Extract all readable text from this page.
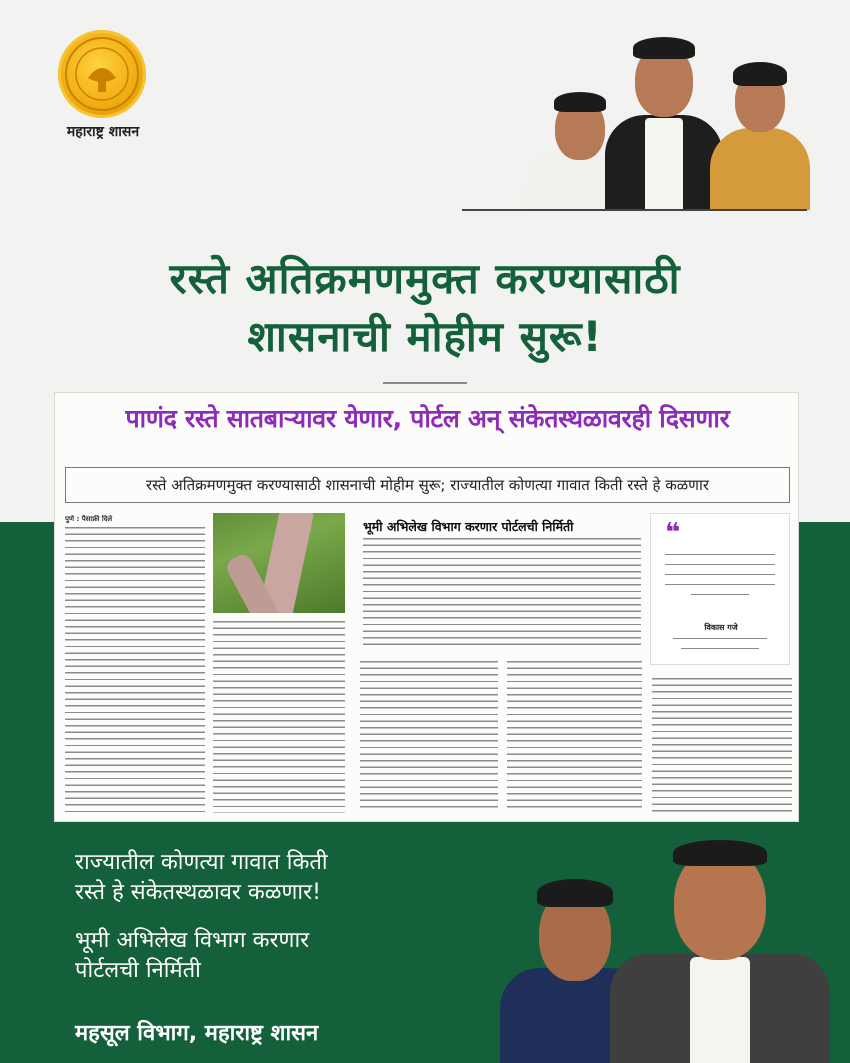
महाराष्ट्र शासन
रस्ते अतिक्रमणमुक्त करण्यासाठी
शासनाची मोहीम सुरू!
पाणंद रस्ते सातबाऱ्यावर येणार, पोर्टल अन् संकेतस्थळावरही दिसणार
रस्ते अतिक्रमणमुक्त करण्यासाठी शासनाची मोहीम सुरू; राज्यातील कोणत्या गावात किती रस्ते हे कळणार
पुणे : पैसाफ्री दिले	भूमी अभिलेख विभाग करणार पोर्टलची निर्मिती	❝
विकास गजे
राज्यातील कोणत्या गावात किती
रस्ते हे संकेतस्थळावर कळणार!
भूमी अभिलेख विभाग करणार
पोर्टलची निर्मिती
महसूल विभाग, महाराष्ट्र शासन
